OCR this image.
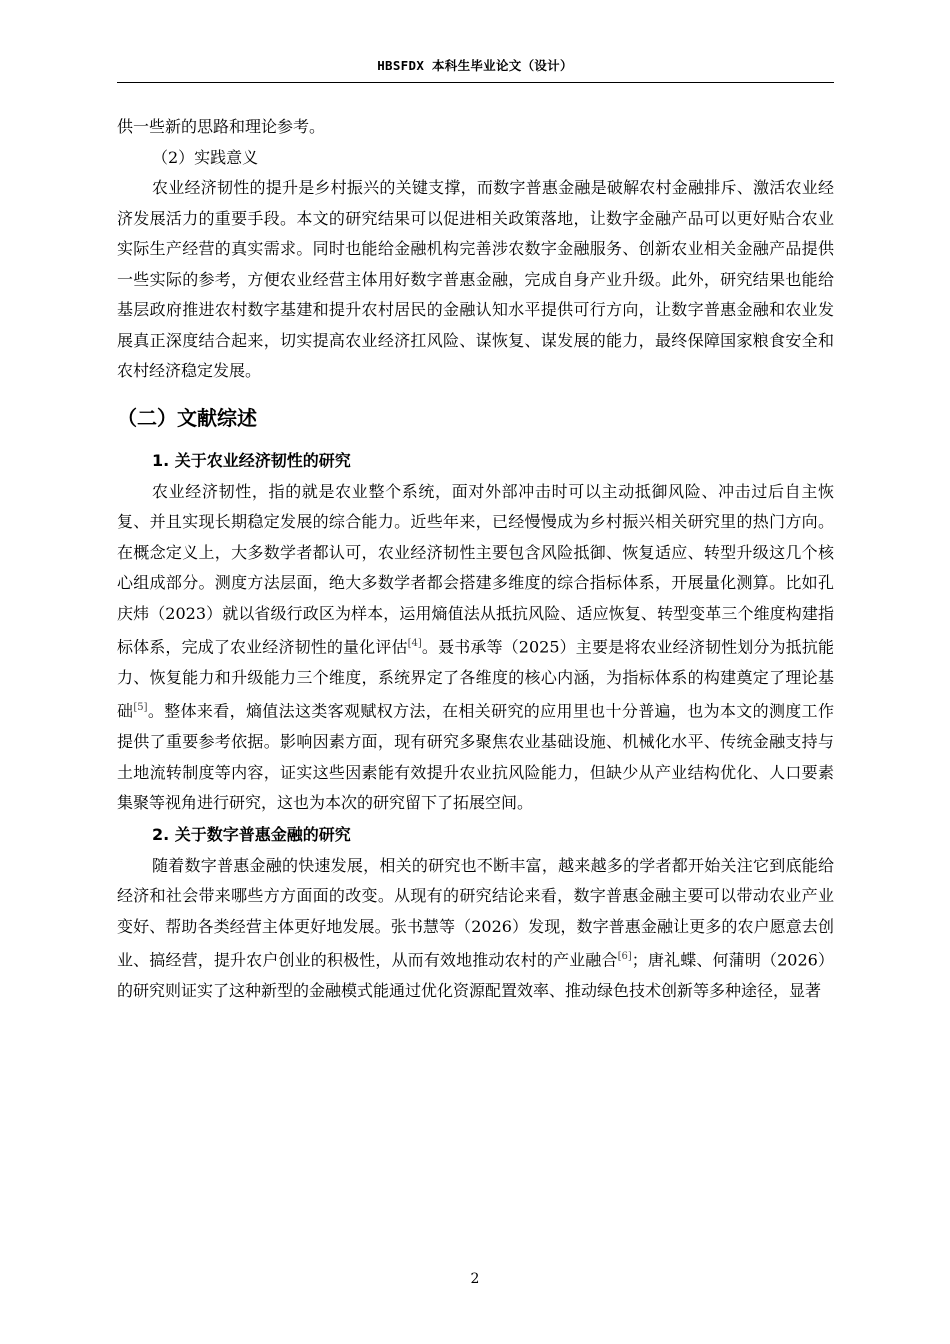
HBSFDX 本科生毕业论文（设计）

供一些新的思路和理论参考。

（2）实践意义

农业经济韧性的提升是乡村振兴的关键支撑，而数字普惠金融是破解农村金融排斥、激活农业经济发展活力的重要手段。本文的研究结果可以促进相关政策落地，让数字金融产品可以更好贴合农业实际生产经营的真实需求。同时也能给金融机构完善涉农数字金融服务、创新农业相关金融产品提供一些实际的参考，方便农业经营主体用好数字普惠金融，完成自身产业升级。此外，研究结果也能给基层政府推进农村数字基建和提升农村居民的金融认知水平提供可行方向，让数字普惠金融和农业发展真正深度结合起来，切实提高农业经济扛风险、谋恢复、谋发展的能力，最终保障国家粮食安全和农村经济稳定发展。

（二）文献综述
1. 关于农业经济韧性的研究

农业经济韧性，指的就是农业整个系统，面对外部冲击时可以主动抵御风险、冲击过后自主恢复、并且实现长期稳定发展的综合能力。近些年来，已经慢慢成为乡村振兴相关研究里的热门方向。在概念定义上，大多数学者都认可，农业经济韧性主要包含风险抵御、恢复适应、转型升级这几个核心组成部分。测度方法层面，绝大多数学者都会搭建多维度的综合指标体系，开展量化测算。比如孔庆炜（2023）就以省级行政区为样本，运用熵值法从抵抗风险、适应恢复、转型变革三个维度构建指标体系，完成了农业经济韧性的量化评估[4]。聂书承等（2025）主要是将农业经济韧性划分为抵抗能力、恢复能力和升级能力三个维度，系统界定了各维度的核心内涵，为指标体系的构建奠定了理论基础[5]。整体来看，熵值法这类客观赋权方法，在相关研究的应用里也十分普遍，也为本文的测度工作提供了重要参考依据。影响因素方面，现有研究多聚焦农业基础设施、机械化水平、传统金融支持与土地流转制度等内容，证实这些因素能有效提升农业抗风险能力，但缺少从产业结构优化、人口要素集聚等视角进行研究，这也为本次的研究留下了拓展空间。

2. 关于数字普惠金融的研究

随着数字普惠金融的快速发展，相关的研究也不断丰富，越来越多的学者都开始关注它到底能给经济和社会带来哪些方方面面的改变。从现有的研究结论来看，数字普惠金融主要可以带动农业产业变好、帮助各类经营主体更好地发展。张书慧等（2026）发现，数字普惠金融让更多的农户愿意去创业、搞经营，提升农户创业的积极性，从而有效地推动农村的产业融合[6]；唐礼蝶、何蒲明（2026）的研究则证实了这种新型的金融模式能通过优化资源配置效率、推动绿色技术创新等多种途径，显著

2
